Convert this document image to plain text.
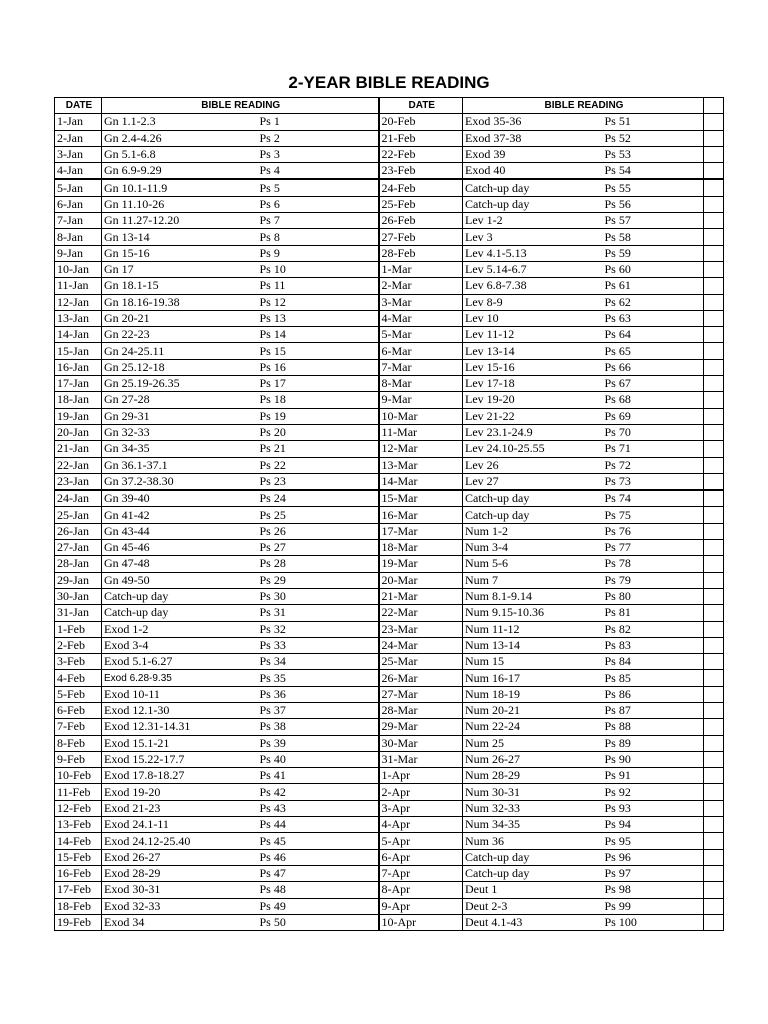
2-YEAR BIBLE READING
DATE	BIBLE READING		DATE	BIBLE READING		
1-Jan	Gn 1.1-2.3	Ps 1	20-Feb	Exod 35-36	Ps 51	
2-Jan	Gn 2.4-4.26	Ps 2	21-Feb	Exod 37-38	Ps 52	
3-Jan	Gn 5.1-6.8	Ps 3	22-Feb	Exod 39	Ps 53	
4-Jan	Gn 6.9-9.29	Ps 4	23-Feb	Exod 40	Ps 54	
5-Jan	Gn 10.1-11.9	Ps 5	24-Feb	Catch-up day	Ps 55	
6-Jan	Gn 11.10-26	Ps 6	25-Feb	Catch-up day	Ps 56	
7-Jan	Gn 11.27-12.20	Ps 7	26-Feb	Lev 1-2	Ps 57	
8-Jan	Gn 13-14	Ps 8	27-Feb	Lev 3	Ps 58	
9-Jan	Gn 15-16	Ps 9	28-Feb	Lev 4.1-5.13	Ps 59	
10-Jan	Gn 17	Ps 10	1-Mar	Lev 5.14-6.7	Ps 60	
11-Jan	Gn 18.1-15	Ps 11	2-Mar	Lev 6.8-7.38	Ps 61	
12-Jan	Gn 18.16-19.38	Ps 12	3-Mar	Lev 8-9	Ps 62	
13-Jan	Gn 20-21	Ps 13	4-Mar	Lev 10	Ps 63	
14-Jan	Gn 22-23	Ps 14	5-Mar	Lev 11-12	Ps 64	
15-Jan	Gn 24-25.11	Ps 15	6-Mar	Lev 13-14	Ps 65	
16-Jan	Gn 25.12-18	Ps 16	7-Mar	Lev 15-16	Ps 66	
17-Jan	Gn 25.19-26.35	Ps 17	8-Mar	Lev 17-18	Ps 67	
18-Jan	Gn 27-28	Ps 18	9-Mar	Lev 19-20	Ps 68	
19-Jan	Gn 29-31	Ps 19	10-Mar	Lev 21-22	Ps 69	
20-Jan	Gn 32-33	Ps 20	11-Mar	Lev 23.1-24.9	Ps 70	
21-Jan	Gn 34-35	Ps 21	12-Mar	Lev 24.10-25.55	Ps 71	
22-Jan	Gn 36.1-37.1	Ps 22	13-Mar	Lev 26	Ps 72	
23-Jan	Gn 37.2-38.30	Ps 23	14-Mar	Lev 27	Ps 73	
24-Jan	Gn 39-40	Ps 24	15-Mar	Catch-up day	Ps 74	
25-Jan	Gn 41-42	Ps 25	16-Mar	Catch-up day	Ps 75	
26-Jan	Gn 43-44	Ps 26	17-Mar	Num 1-2	Ps 76	
27-Jan	Gn 45-46	Ps 27	18-Mar	Num 3-4	Ps 77	
28-Jan	Gn 47-48	Ps 28	19-Mar	Num 5-6	Ps 78	
29-Jan	Gn 49-50	Ps 29	20-Mar	Num 7	Ps 79	
30-Jan	Catch-up day	Ps 30	21-Mar	Num 8.1-9.14	Ps 80	
31-Jan	Catch-up day	Ps 31	22-Mar	Num 9.15-10.36	Ps 81	
1-Feb	Exod 1-2	Ps 32	23-Mar	Num 11-12	Ps 82	
2-Feb	Exod 3-4	Ps 33	24-Mar	Num 13-14	Ps 83	
3-Feb	Exod 5.1-6.27	Ps 34	25-Mar	Num 15	Ps 84	
4-Feb	Exod 6.28-9.35	Ps 35	26-Mar	Num 16-17	Ps 85	
5-Feb	Exod 10-11	Ps 36	27-Mar	Num 18-19	Ps 86	
6-Feb	Exod 12.1-30	Ps 37	28-Mar	Num 20-21	Ps 87	
7-Feb	Exod 12.31-14.31	Ps 38	29-Mar	Num 22-24	Ps 88	
8-Feb	Exod 15.1-21	Ps 39	30-Mar	Num 25	Ps 89	
9-Feb	Exod 15.22-17.7	Ps 40	31-Mar	Num 26-27	Ps 90	
10-Feb	Exod 17.8-18.27	Ps 41	1-Apr	Num 28-29	Ps 91	
11-Feb	Exod 19-20	Ps 42	2-Apr	Num 30-31	Ps 92	
12-Feb	Exod 21-23	Ps 43	3-Apr	Num 32-33	Ps 93	
13-Feb	Exod 24.1-11	Ps 44	4-Apr	Num 34-35	Ps 94	
14-Feb	Exod 24.12-25.40	Ps 45	5-Apr	Num 36	Ps 95	
15-Feb	Exod 26-27	Ps 46	6-Apr	Catch-up day	Ps 96	
16-Feb	Exod 28-29	Ps 47	7-Apr	Catch-up day	Ps 97	
17-Feb	Exod 30-31	Ps 48	8-Apr	Deut 1	Ps 98	
18-Feb	Exod 32-33	Ps 49	9-Apr	Deut 2-3	Ps 99	
19-Feb	Exod 34	Ps 50	10-Apr	Deut 4.1-43	Ps 100	
